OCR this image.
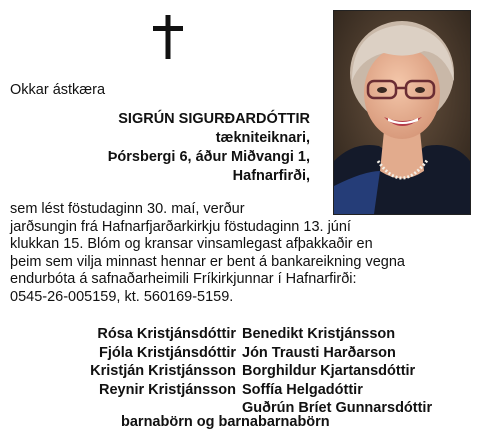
Okkar ástkæra
SIGRÚN SIGURÐARDÓTTIR
tækniteiknari,
Þórsbergi 6, áður Miðvangi 1,
Hafnarfirði,
sem lést föstudaginn 30. maí, verður
jarðsungin frá Hafnarfjarðarkirkju föstudaginn 13. júní
klukkan 15. Blóm og kransar vinsamlegast afþakkaðir en
þeim sem vilja minnast hennar er bent á bankareikning vegna
endurbóta á safnaðarheimili Fríkirkjunnar í Hafnarfirði:
0545-26-005159, kt. 560169-5159.
Rósa Kristjánsdóttir Benedikt Kristjánsson
Fjóla Kristjánsdóttir Jón Trausti Harðarson
Kristján Kristjánsson Borghildur Kjartansdóttir
Reynir Kristjánsson Soffía Helgadóttir
Guðrún Bríet Gunnarsdóttir
barnabörn og barnabarnabörn
